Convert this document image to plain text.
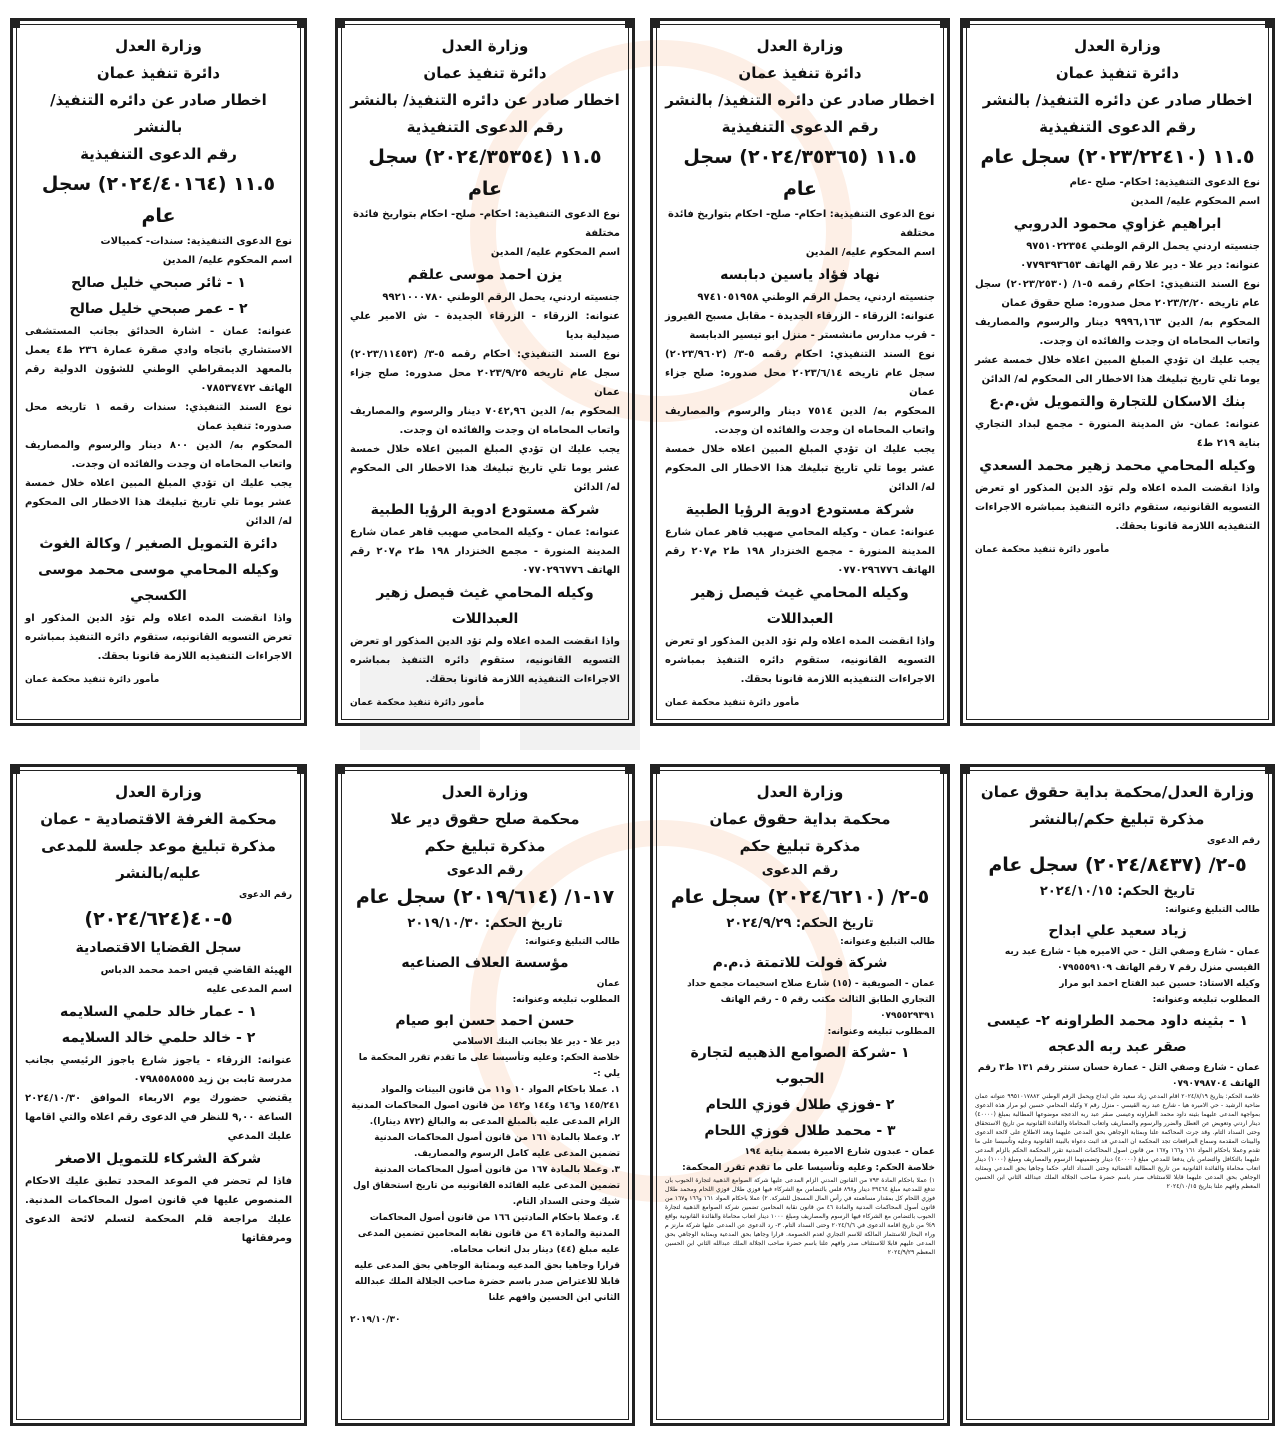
وزارة العدل
دائرة تنفيذ عمان
اخطار صادر عن دائره التنفيذ/ بالنشر
رقم الدعوى التنفيذية
١١.٥ (٢٠٢٣/٢٢٤١٠) سجل عام
نوع الدعوى التنفيذية: احكام- صلح -عام
اسم المحكوم عليه/ المدين
ابراهيم غزاوي محمود الدروبي
جنسيته اردني يحمل الرقم الوطني ٩٧٥١٠٢٢٣٥٤
عنوانه: دير علا - دير علا رقم الهاتف ٠٧٧٩٣٩٣٦٥٣
نوع السند التنفيذي: احكام رقمه ٥-١/ (٢٠٢٣/٢٥٣٠) سجل عام تاريخه ٢٠٢٣/٢/٢٠ محل صدوره: صلح حقوق عمان
المحكوم به/ الدين ٩٩٩٦,١٦٣ دينار والرسوم والمصاريف واتعاب المحاماه ان وجدت والفائده ان وجدت.
يجب عليك ان تؤدي المبلغ المبين اعلاه خلال خمسة عشر يوما تلي تاريخ تبليغك هذا الاخطار الى المحكوم له/ الدائن
بنك الاسكان للتجارة والتمويل ش.م.ع
عنوانه: عمان- ش المدينة المنورة - مجمع لبداد التجاري بناية ٢١٩ ط٤
وكيله المحامي محمد زهير محمد السعدي
واذا انقضت المده اعلاه ولم تؤد الدين المذكور او تعرض التسويه القانونيه، ستقوم دائره التنفيذ بمباشره الاجراءات التنفيذيه اللازمة قانونا بحقك.
مأمور دائرة تنفيذ محكمة عمان
وزارة العدل
دائرة تنفيذ عمان
اخطار صادر عن دائره التنفيذ/ بالنشر
رقم الدعوى التنفيذية
١١.٥ (٢٠٢٤/٣٥٣٦٥) سجل عام
نوع الدعوى التنفيذية: احكام- صلح- احكام بتواريخ فائدة مختلفة
اسم المحكوم عليه/ المدين
نهاد فؤاد ياسين دبابسه
جنسيته اردني، يحمل الرقم الوطني ٩٧٤١٠٥١٩٥٨
عنوانه: الزرقاء - الزرقاء الجديدة - مقابل مسبح الفيروز - قرب مدارس مانشستر - منزل ابو تيسير الدبابسة
نوع السند التنفيذي: احكام رقمه ٥-٣/ (٢٠٢٣/٩٦٠٢) سجل عام تاريخه ٢٠٢٣/٦/١٤ محل صدوره: صلح جزاء عمان
المحكوم به/ الدين ٧٥١٤ دينار والرسوم والمصاريف واتعاب المحاماه ان وجدت والفائده ان وجدت.
يجب عليك ان تؤدي المبلغ المبين اعلاه خلال خمسة عشر يوما تلي تاريخ تبليغك هذا الاخطار الى المحكوم له/ الدائن
شركة مستودع ادوية الرؤيا الطبية
عنوانه: عمان - وكيله المحامي صهيب قاهر عمان شارع المدينة المنورة - مجمع الخنزدار ١٩٨ ط٢ م٢٠٧ رقم الهاتف ٠٧٧٠٢٩٦٧٧٦
وكيله المحامي غيث فيصل زهير العبداللات
واذا انقضت المده اعلاه ولم تؤد الدين المذكور او تعرض التسويه القانونيه، ستقوم دائره التنفيذ بمباشره الاجراءات التنفيذيه اللازمة قانونا بحقك.
مأمور دائرة تنفيذ محكمة عمان
وزارة العدل
دائرة تنفيذ عمان
اخطار صادر عن دائره التنفيذ/ بالنشر
رقم الدعوى التنفيذية
١١.٥ (٢٠٢٤/٣٥٣٥٤) سجل عام
نوع الدعوى التنفيذية: احكام- صلح- احكام بتواريخ فائدة مختلفة
اسم المحكوم عليه/ المدين
يزن احمد موسى علقم
جنسيته اردني، يحمل الرقم الوطني ٩٩٢١٠٠٠٧٨٠
عنوانه: الزرقاء - الزرقاء الجديدة - ش الامير علي صيدلية بديا
نوع السند التنفيذي: احكام رقمه ٥-٣/ (٢٠٢٣/١١٤٥٣) سجل عام تاريخه ٢٠٢٣/٩/٢٥ محل صدوره: صلح جزاء عمان
المحكوم به/ الدين ٧٠٤٢,٩٦ دينار والرسوم والمصاريف واتعاب المحاماه ان وجدت والفائده ان وجدت.
يجب عليك ان تؤدي المبلغ المبين اعلاه خلال خمسة عشر يوما تلي تاريخ تبليغك هذا الاخطار الى المحكوم له/ الدائن
شركة مستودع ادوية الرؤيا الطبية
عنوانه: عمان - وكيله المحامي صهيب قاهر عمان شارع المدينة المنورة - مجمع الخنزدار ١٩٨ ط٢ م٢٠٧ رقم الهاتف ٠٧٧٠٢٩٦٧٧٦
وكيله المحامي غيث فيصل زهير العبداللات
واذا انقضت المده اعلاه ولم تؤد الدين المذكور او تعرض التسويه القانونيه، ستقوم دائره التنفيذ بمباشره الاجراءات التنفيذيه اللازمة قانونا بحقك.
مأمور دائرة تنفيذ محكمة عمان
وزارة العدل
دائرة تنفيذ عمان
اخطار صادر عن دائره التنفيذ/ بالنشر
رقم الدعوى التنفيذية
١١.٥ (٢٠٢٤/٤٠١٦٤) سجل عام
نوع الدعوى التنفيذية: سندات- كمبيالات
اسم المحكوم عليه/ المدين
١ - ثائر صبحي خليل صالح
٢ - عمر صبحي خليل صالح
عنوانه: عمان - اشارة الحدائق بجانب المستشفى الاستشاري باتجاه وادي صقرة عمارة ٢٣٦ ط٤ يعمل بالمعهد الديمقراطي الوطني للشؤون الدولية رقم الهاتف ٠٧٨٥٣٧٤٧٢
نوع السند التنفيذي: سندات رقمه ١ تاريخه محل صدوره: تنفيذ عمان
المحكوم به/ الدين ٨٠٠ دينار والرسوم والمصاريف واتعاب المحاماه ان وجدت والفائده ان وجدت.
يجب عليك ان تؤدي المبلغ المبين اعلاه خلال خمسة عشر يوما تلي تاريخ تبليغك هذا الاخطار الى المحكوم له/ الدائن
دائرة التمويل الصغير / وكالة الغوث
وكيله المحامي موسى محمد موسى الكسجي
واذا انقضت المده اعلاه ولم تؤد الدين المذكور او تعرض التسويه القانونيه، ستقوم دائره التنفيذ بمباشره الاجراءات التنفيذيه اللازمة قانونا بحقك.
مأمور دائرة تنفيذ محكمة عمان
وزارة العدل/محكمة بداية حقوق عمان
مذكرة تبليغ حكم/بالنشر
رقم الدعوى
٥-٢/ (٢٠٢٤/٨٤٣٧) سجل عام
تاريخ الحكم: ٢٠٢٤/١٠/١٥
طالب التبليغ وعنوانه:
زياد سعيد علي ابداح
عمان - شارع وصفي التل - حي الاميره هيا - شارع عبد ربه القيسي منزل رقم ٧ رقم الهاتف ٠٧٩٥٥٥٩١٠٩
وكيله الاستاذ: حسين عبد الفتاح احمد ابو مرار
المطلوب تبليغه وعنوانه:
١ - بثينه داود محمد الطراونه ٢- عيسى صقر عبد ربه الدعجه
عمان - شارع وصفي التل - عمارة حسان سنتر رقم ١٣١ ط٣ رقم الهاتف ٠٧٩٠٧٩٨٧٠٤
خلاصة الحكم: بتاريخ ٢٠٢٤/٨/١٩ اقام المدعي زياد سعيد علي ابداح ويحمل الرقم الوطني ٩٩٥١٠١٧٨٨٢ عنوانه عمان ضاحية الرشيد - حي الاميره هيا - شارع عبد ربه القيسي - منزل رقم ٧ وكيله المحامي حسين ابو مرار هذه الدعوى بمواجهة المدعى عليهما بثينه داود محمد الطراونه وعيسى صقر عبد ربه الدعجه موضوعها المطالبة بمبلغ (٤٠٠٠٠) دينار اردني وتعويض عن العطل والضرر والرسوم والمصاريف واتعاب المحاماة والفائدة القانونية من تاريخ الاستحقاق وحتى السداد التام. وقد جرت المحاكمة علنا وبمثابة الوجاهي بحق المدعى عليهما وبعد الاطلاع على لائحة الدعوى والبينات المقدمة وسماع المرافعات تجد المحكمة ان المدعي قد اثبت دعواه بالبينة القانونية وعليه وتأسيسا على ما تقدم وعملا باحكام المواد ١٦١ و١٦٦ و١٦٧ من قانون اصول المحاكمات المدنية تقرر المحكمة الحكم بالزام المدعى عليهما بالتكافل والتضامن بان يدفعا للمدعي مبلغ (٤٠٠٠٠) دينار وتضمينهما الرسوم والمصاريف ومبلغ (١٠٠٠) دينار اتعاب محاماة والفائدة القانونية من تاريخ المطالبة القضائية وحتى السداد التام. حكما وجاهيا بحق المدعي وبمثابة الوجاهي بحق المدعى عليهما قابلا للاستئناف صدر باسم حضرة صاحب الجلالة الملك عبدالله الثاني ابن الحسين المعظم وافهم علنا بتاريخ ٢٠٢٤/١٠/١٥
وزارة العدل
محكمة بداية حقوق عمان
مذكرة تبليغ حكم
رقم الدعوى
٥-٢/ (٢٠٢٤/٦٢١٠) سجل عام
تاريخ الحكم: ٢٠٢٤/٩/٢٩
طالب التبليغ وعنوانه:
شركة فولت للاتمتة ذ.م.م
عمان - الصويفية - (١٥) شارع صلاح اسحيمات مجمع حداد التجاري الطابق الثالث مكتب رقم ٥ - رقم الهاتف ٠٧٩٥٥٢٩٣٩١
المطلوب تبليغه وعنوانه:
١ -شركة الصوامع الذهبيه لتجارة الحبوب
٢ -فوزي طلال فوزي اللحام
٣ - محمد طلال فوزي اللحام
عمان - عبدون شارع الاميرة بسمة بناية ١٩٤
خلاصة الحكم: وعليه وتأسيسا على ما تقدم تقرر المحكمة:
١) عملا باحكام المادة ٧٩٣ من القانون المدني الزام المدعى عليها شركة الصوامع الذهبية لتجارة الحبوب بان تدفع للمدعية مبلغ ٣٩٤٦٤ دينار و٨٩٨ فلس بالتضامن مع الشركاء فيها فوزي طلال فوزي اللحام ومحمد طلال فوزي اللحام كل بمقدار مساهمته في رأس المال المسجل للشركة. ٢) عملا باحكام المواد ١٦١ و١٦٦ و١٦٧ من قانون أصول المحاكمات المدنية والمادة ٤٦ من قانون نقابة المحامين تضمين شركة الصوامع الذهبية لتجارة الحبوب بالتضامن مع الشركاء فيها الرسوم والمصاريف ومبلغ ١٠٠٠ دينار اتعاب محاماة والفائدة القانونية بواقع ٩% من تاريخ اقامة الدعوى في ٢٠٢٤/٦/٦ وحتى السداد التام. ٣- رد الدعوى عن المدعى عليها شركة مارنز م وراء البحار للاستثمار المالكة للاسم التجاري لعدم الخصومة. قرارا وجاهيا بحق المدعية وبمثابة الوجاهي بحق المدعى عليهم قابلا للاستئناف صدر وافهم علنا باسم حضرة صاحب الجلالة الملك عبدالله الثاني ابن الحسين المعظم ٢٠٢٤/٩/٢٩
وزارة العدل
محكمة صلح حقوق دير علا
مذكرة تبليغ حكم
رقم الدعوى
١٧-١/ (٢٠١٩/٦١٤) سجل عام
تاريخ الحكم: ٢٠١٩/١٠/٣٠
طالب التبليغ وعنوانه:
مؤسسة العلاف الصناعيه
عمان
المطلوب تبليغه وعنوانه:
حسن احمد حسن ابو صيام
دير علا - دير علا بجانب البنك الاسلامي
خلاصة الحكم: وعليه وتأسيسا على ما تقدم تقرر المحكمة ما يلي :-
١. عملا باحكام المواد ١٠ و١١ من قانون البينات والمواد ١٤٥/٢٤١ و١٤٦ و١٤٤ و١٤٢ من قانون اصول المحاكمات المدنية الزام المدعى عليه بالمبلغ المدعى به والبالغ (٨٧٢ دينارا).
٢. وعملا بالمادة ١٦١ من قانون أصول المحاكمات المدنية تضمين المدعى عليه كامل الرسوم والمصاريف.
٣. وعملا بالمادة ١٦٧ من قانون أصول المحاكمات المدنية تضمين المدعى عليه الفائده القانونيه من تاريخ استحقاق اول شيك وحتى السداد التام.
٤. وعملا باحكام المادتين ١٦٦ من قانون أصول المحاكمات المدنية والمادة ٤٦ من قانون نقابه المحامين تضمين المدعى عليه مبلغ (٤٤) دينار بدل اتعاب محاماه.
قرارا وجاهيا بحق المدعيه وبمثابة الوجاهي بحق المدعى عليه قابلا للاعتراض صدر باسم حضرة صاحب الجلالة الملك عبدالله الثاني ابن الحسين وافهم علنا
٢٠١٩/١٠/٣٠
وزارة العدل
محكمة الغرفة الاقتصادية - عمان
مذكرة تبليغ موعد جلسة للمدعى عليه/بالنشر
رقم الدعوى
٥-٤٠(٢٠٢٤/٦٢٤)
سجل القضايا الاقتصادية
الهيئة القاضي قيس احمد محمد الدباس
اسم المدعى عليه
١ - عمار خالد حلمي السلايمه
٢ - خالد حلمي خالد السلايمه
عنوانه: الزرقاء - ياجوز شارع ياجوز الرئيسي بجانب مدرسة ثابت بن زيد ٠٧٩٨٥٥٨٥٥٥
يقتضي حضورك يوم الاربعاء الموافق ٢٠٢٤/١٠/٣٠ الساعة ٩,٠٠ للنظر في الدعوى رقم اعلاه والتي اقامها عليك المدعي
شركة الشركاء للتمويل الاصغر
فاذا لم تحضر في الموعد المحدد تطبق عليك الاحكام المنصوص عليها في قانون اصول المحاكمات المدنية. عليك مراجعة قلم المحكمة لتسلم لائحة الدعوى ومرفقاتها
